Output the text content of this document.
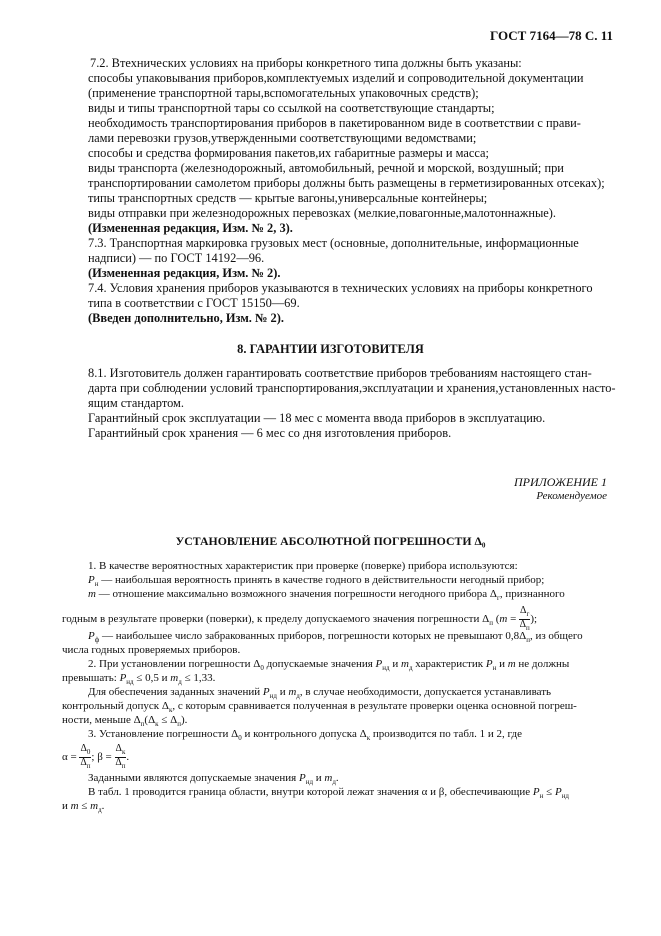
ГОСТ 7164—78 С. 11

7.2. Втехнических условиях на приборы конкретного типа должны быть указаны:

способы упаковывания приборов,комплектуемых изделий и сопроводительной документации

(применение транспортной тары,вспомогательных упаковочных средств);

виды и типы транспортной тары со ссылкой на соответствующие стандарты;

необходимость транспортирования приборов в пакетированном виде в соответствии с прави-

лами перевозки грузов,утвержденными соответствующими ведомствами;

способы и средства формирования пакетов,их габаритные размеры и масса;

виды транспорта (железнодорожный, автомобильный, речной и морской, воздушный; при

транспортировании самолетом приборы должны быть размещены в герметизированных отсеках);

типы транспортных средств — крытые вагоны,универсальные контейнеры;

виды отправки при железнодорожных перевозках (мелкие,повагонные,малотоннажные).

(Измененная редакция, Изм. № 2, 3).

7.3. Транспортная маркировка грузовых мест (основные, дополнительные, информационные

надписи) — по ГОСТ 14192—96.

(Измененная редакция, Изм. № 2).

7.4. Условия хранения приборов указываются в технических условиях на приборы конкретного

типа в соответствии с ГОСТ 15150—69.

(Введен дополнительно, Изм. № 2).

8. ГАРАНТИИ ИЗГОТОВИТЕЛЯ

8.1. Изготовитель должен гарантировать соответствие приборов требованиям настоящего стан-

дарта при соблюдении условий транспортирования,эксплуатации и хранения,установленных насто-

ящим стандартом.

Гарантийный срок эксплуатации — 18 мес с момента ввода приборов в эксплуатацию.

Гарантийный срок хранения — 6 мес со дня изготовления приборов.

ПРИЛОЖЕНИЕ 1
Рекомендуемое
УСТАНОВЛЕНИЕ АБСОЛЮТНОЙ ПОГРЕШНОСТИ Δ₀
1. В качестве вероятностных характеристик при проверке (поверке) прибора используются:
$P_н$ — наибольшая вероятность принять в качестве годного в действительности негодный прибор;
m — отношение максимально возможного значения погрешности негодного прибора $\Delta_г$, признанного
годным в результате проверки (поверки), к пределу допускаемого значения погрешности $\Delta_п$ ($m = \frac{\Delta_г}{\Delta_п}$ );
$P_ф$ — наибольшее число забракованных приборов, погрешности которых не превышают $0,8\Delta_п$, из общего
числа годных проверяемых приборов.
2. При установлении погрешности $\Delta_0$ допускаемые значения $P_{нд}$ и $m_д$ характеристик $P_н$ и m не должны
превышать: $P_{нд} \le 0,5$ и $m_д \le 1,33$.
Для обеспечения заданных значений $P_{нд}$ и $m_д$, в случае необходимости, допускается устанавливать
контрольный допуск $\Delta_к$, с которым сравнивается полученная в результате проверки оценка основной погреш-
ности, меньше $\Delta_п(\Delta_к \le \Delta_п)$.
3. Установление погрешности $\Delta_0$ и контрольного допуска $\Delta_к$ производится по табл. 1 и 2, где
$\alpha = \frac{\Delta_0}{\Delta_п}$ ; $\beta = \frac{\Delta_к}{\Delta_п}$ .
Заданными являются допускаемые значения $P_{нд}$ и $m_д$.
В табл. 1 проводится граница области, внутри которой лежат значения α и β, обеспечивающие $P_н \le P_{нд}$
и $m \le m_д$.
